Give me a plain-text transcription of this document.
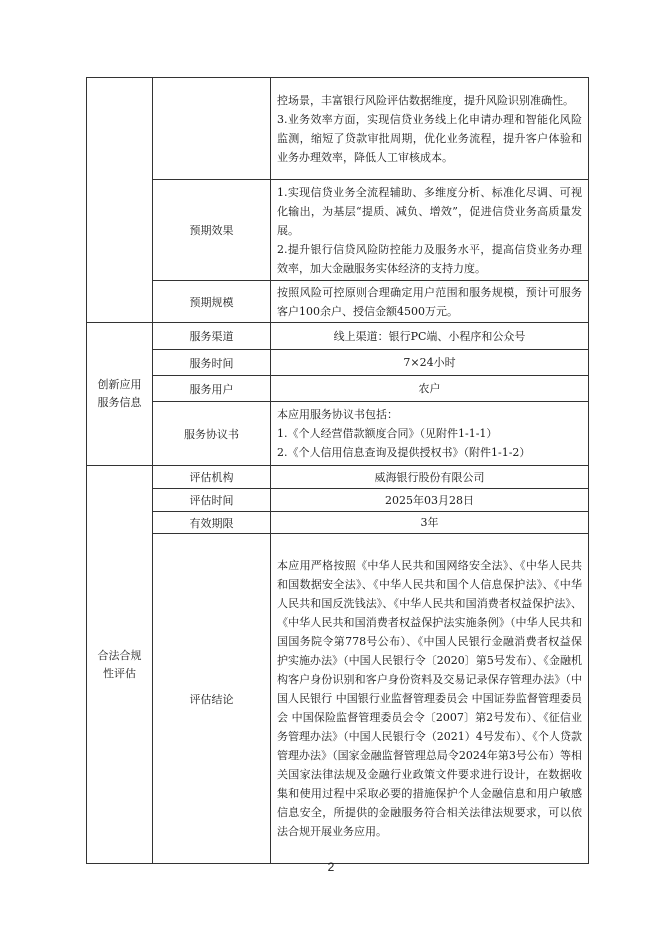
		控场景，丰富银行风险评估数据维度，提升风险识别准确性。
3.业务效率方面，实现信贷业务线上化申请办理和智能化风险监测，缩短了贷款审批周期，优化业务流程，提升客户体验和业务办理效率，降低人工审核成本。

	预期效果	1.实现信贷业务全流程辅助、多维度分析、标准化尽调、可视化输出，为基层“提质、减负、增效”，促进信贷业务高质量发展。
2.提升银行信贷风险防控能力及服务水平，提高信贷业务办理效率，加大金融服务实体经济的支持力度。

	预期规模	按照风险可控原则合理确定用户范围和服务规模，预计可服务客户100余户、授信金额4500万元。
创新应用服务信息	服务渠道	线上渠道：银行PC端、小程序和公众号
	服务时间	7×24小时
	服务用户	农户
	服务协议书	本应用服务协议书包括：
1.《个人经营借款额度合同》（见附件1-1-1）
2.《个人信用信息查询及提供授权书》（附件1-1-2）

合法合规性评估	评估机构	威海银行股份有限公司
	评估时间	2025年03月28日
	有效期限	3年
	评估结论	本应用严格按照《中华人民共和国网络安全法》、《中华人民共和国数据安全法》、《中华人民共和国个人信息保护法》、《中华人民共和国反洗钱法》、《中华人民共和国消费者权益保护法》、《中华人民共和国消费者权益保护法实施条例》（中华人民共和国国务院令第778号公布）、《中国人民银行金融消费者权益保护实施办法》（中国人民银行令〔2020〕第5号发布）、《金融机构客户身份识别和客户身份资料及交易记录保存管理办法》（中国人民银行 中国银行业监督管理委员会 中国证券监督管理委员会 中国保险监督管理委员会令〔2007〕第2号发布）、《征信业务管理办法》（中国人民银行令（2021）4号发布）、《个人贷款管理办法》（国家金融监督管理总局令2024年第3号公布）等相关国家法律法规及金融行业政策文件要求进行设计，在数据收集和使用过程中采取必要的措施保护个人金融信息和用户敏感信息安全，所提供的金融服务符合相关法律法规要求，可以依法合规开展业务应用。
2
